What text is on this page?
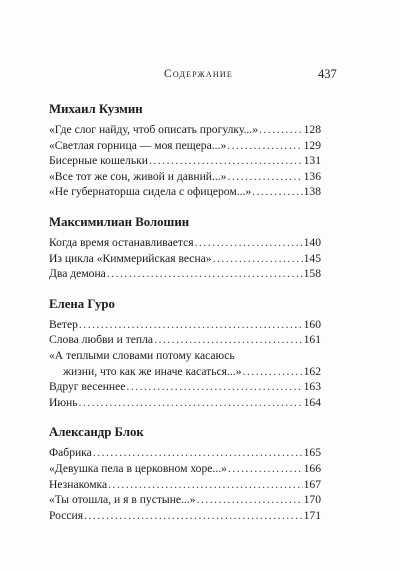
Содержание	437
Михаил Кузмин
«Где слог найду, чтоб описать прогулку...» .....	128
«Светлая горница — моя пещера...» .....	129
Бисерные кошельки .....	131
«Все тот же сон, живой и давний...» .....	136
«Не губернаторша сидела с офицером...» .....	138
Максимилиан Волошин
Когда время останавливается .....	140
Из цикла «Киммерийская весна» .....	145
Два демона .....	158
Елена Гуро
Ветер .....	160
Слова любви и тепла .....	161
«А теплыми словами потому касаюсь
жизни, что как же иначе касаться...» .....	162
Вдруг весеннее .....	163
Июнь .....	164
Александр Блок
Фабрика .....	165
«Девушка пела в церковном хоре...» .....	166
Незнакомка .....	167
«Ты отошла, и я в пустыне...» .....	170
Россия .....	171
